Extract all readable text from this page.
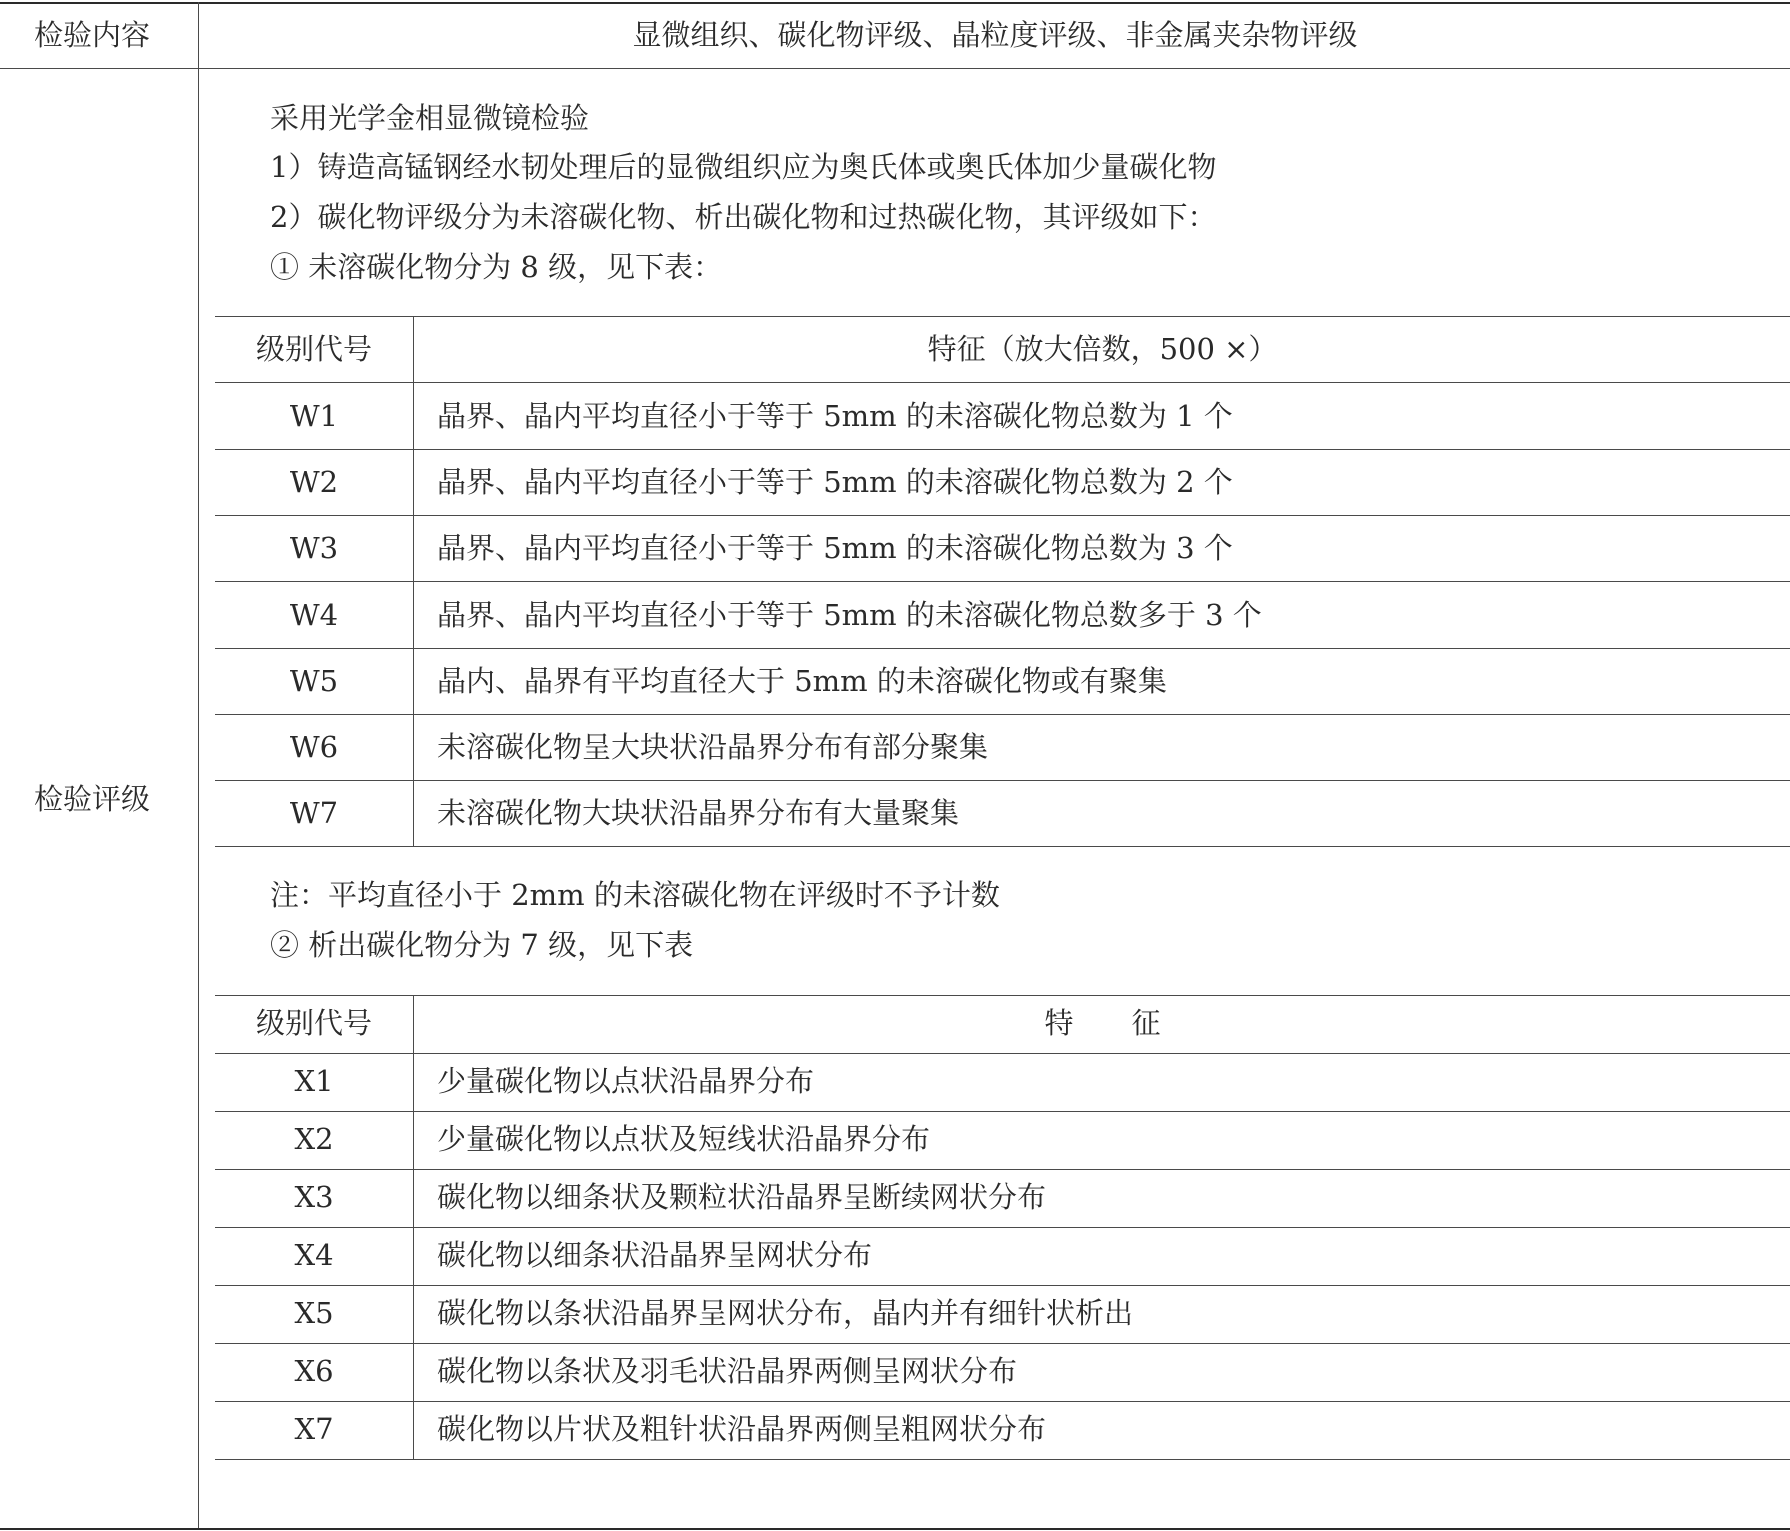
检验内容	显微组织、碳化物评级、晶粒度评级、非金属夹杂物评级
检验评级
采用光学金相显微镜检验
1）铸造高锰钢经水韧处理后的显微组织应为奥氏体或奥氏体加少量碳化物
2）碳化物评级分为未溶碳化物、析出碳化物和过热碳化物，其评级如下：
① 未溶碳化物分为 8 级，见下表：
级别代号	特征（放大倍数，500 ×）
W1	晶界、晶内平均直径小于等于 5mm 的未溶碳化物总数为 1 个
W2	晶界、晶内平均直径小于等于 5mm 的未溶碳化物总数为 2 个
W3	晶界、晶内平均直径小于等于 5mm 的未溶碳化物总数为 3 个
W4	晶界、晶内平均直径小于等于 5mm 的未溶碳化物总数多于 3 个
W5	晶内、晶界有平均直径大于 5mm 的未溶碳化物或有聚集
W6	未溶碳化物呈大块状沿晶界分布有部分聚集
W7	未溶碳化物大块状沿晶界分布有大量聚集
注：平均直径小于 2mm 的未溶碳化物在评级时不予计数
② 析出碳化物分为 7 级，见下表
级别代号	特　　征
X1	少量碳化物以点状沿晶界分布
X2	少量碳化物以点状及短线状沿晶界分布
X3	碳化物以细条状及颗粒状沿晶界呈断续网状分布
X4	碳化物以细条状沿晶界呈网状分布
X5	碳化物以条状沿晶界呈网状分布，晶内并有细针状析出
X6	碳化物以条状及羽毛状沿晶界两侧呈网状分布
X7	碳化物以片状及粗针状沿晶界两侧呈粗网状分布
